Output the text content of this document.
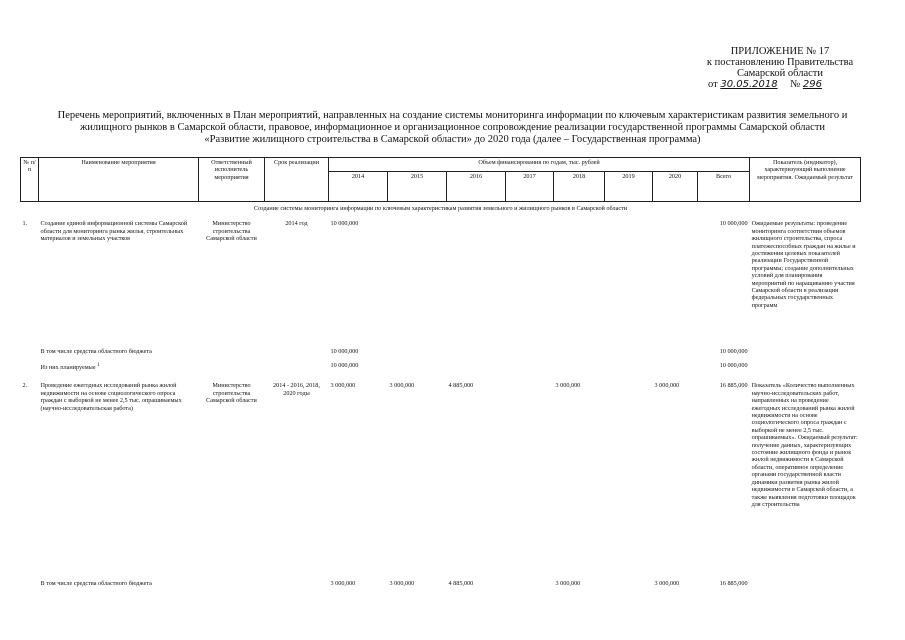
ПРИЛОЖЕНИЕ № 17
к постановлению Правительства
Самарской области
от 30.05.2018 № 296
Перечень мероприятий, включенных в План мероприятий, направленных на создание системы мониторинга информации по ключевым характеристикам развития земельного и
жилищного рынков в Самарской области, правовое, информационное и организационное сопровождение реализации государственной программы Самарской области
«Развитие жилищного строительства в Самарской области» до 2020 года (далее – Государственная программа)
№ п/п	Наименование мероприятия	Ответственный исполнитель мероприятия	Срок реализации	Объем финансирования по годам, тыс. рублей								Показатель (индикатор), характеризующий выполнение мероприятия. Ожидаемый результат
				2014	2015	2016	2017	2018	2019	2020	Всего	
Создание системы мониторинга информации по ключевым характеристикам развития земельного и жилищного рынков в Самарской области												
1.	Создание единой информационной системы Самарской области для мониторинга рынка жилья, строительных материалов и земельных участков	Министерство строительства Самарской области	2014 год	10 000,000							10 000,000	Ожидаемые результаты: проведение мониторинга соответствия объемов жилищного строительства, спроса платежеспособных граждан на жилье и достижения целевых показателей реализации Государственной программы; создание дополнительных условий для планирования мероприятий по наращиванию участия Самарской области в реализации федеральных государственных программ
	В том числе средства областного бюджета			10 000,000							10 000,000	
	Из них планируемые $^1$			10 000,000							10 000,000	
2.	Проведение ежегодных исследований рынка жилой недвижимости на основе социологического опроса граждан с выборкой не менее 2,5 тыс. опрашиваемых (научно-исследовательская работа)	Министерство строительства Самарской области	2014 - 2016, 2018, 2020 годы	3 000,000	3 000,000	4 885,000		3 000,000		3 000,000	16 885,000	Показатель «Количество выполненных научно-исследовательских работ, направленных на проведение ежегодных исследований рынка жилой недвижимости на основе социологического опроса граждан с выборкой не менее 2,5 тыс. опрашиваемых». Ожидаемый результат: получение данных, характеризующих состояние жилищного фонда и рынок жилой недвижимости в Самарской области, оперативное определение органами государственной власти динамики развития рынка жилой недвижимости в Самарской области, а также выявления подготовки площадок для строительства
	В том числе средства областного бюджета			3 000,000	3 000,000	4 885,000		3 000,000		3 000,000	16 885,000	
